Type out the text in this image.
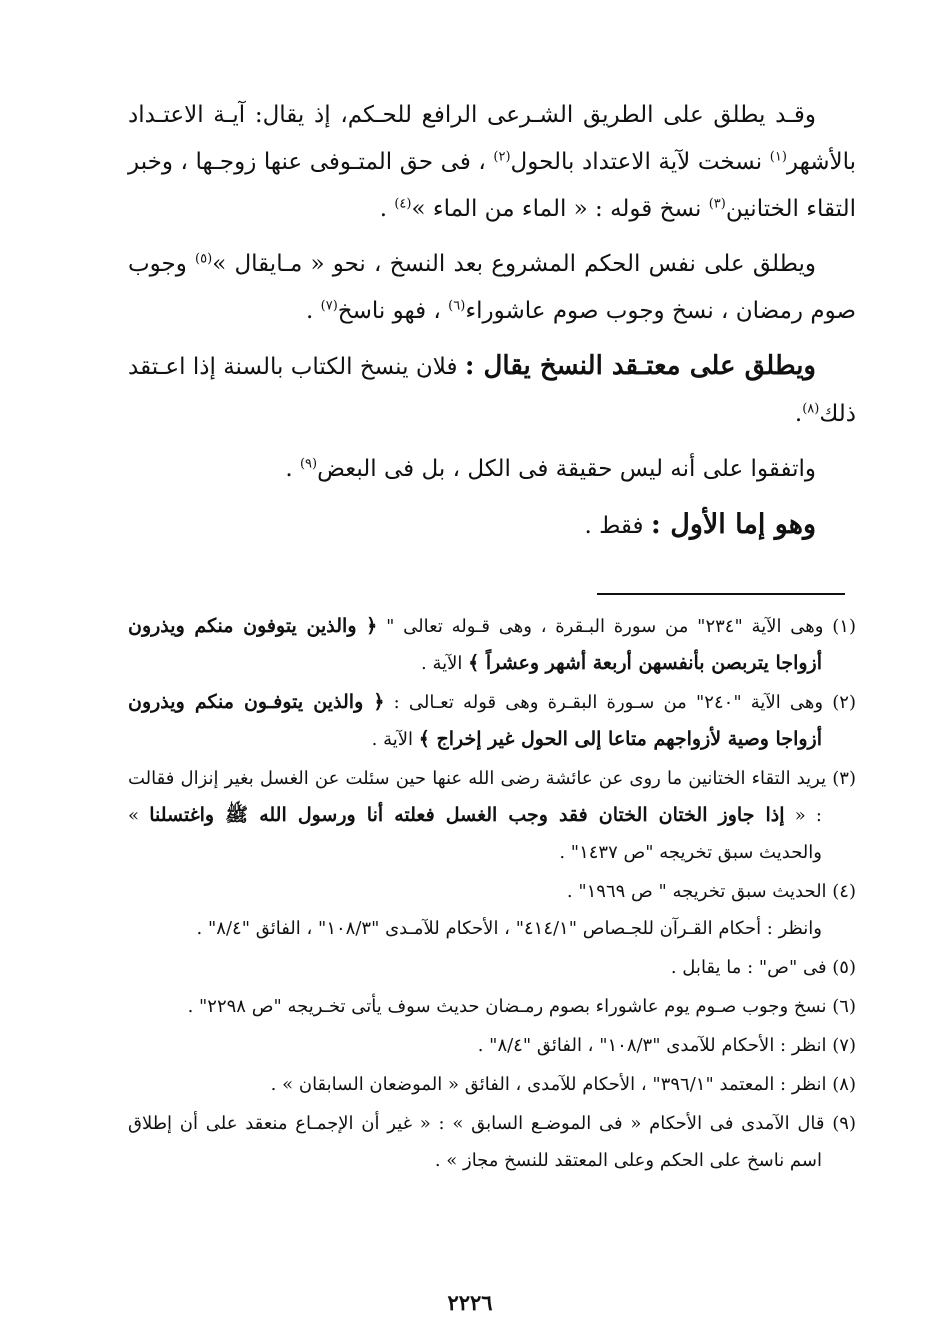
وقـد يطلق على الطريق الشـرعى الرافع للحـكم، إذ يقال: آيـة الاعتـداد بالأشهر$^{(١)}$ نسخت لآية الاعتداد بالحول$^{(٢)}$ ، فى حق المتـوفى عنها زوجـها ، وخبر التقاء الختانين$^{(٣)}$ نسخ قوله : « الماء من الماء »$^{(٤)}$ .

ويطلق على نفس الحكم المشروع بعد النسخ ، نحو « مـايقال »$^{(٥)}$ وجوب صوم رمضان ، نسخ وجوب صوم عاشوراء$^{(٦)}$ ، فهو ناسخ$^{(٧)}$ .

ويطلق على معتـقد النسخ يقال : فلان ينسخ الكتاب بالسنة إذا اعـتقد ذلك$^{(٨)}$.

واتفقوا على أنه ليس حقيقة فى الكل ، بل فى البعض$^{(٩)}$ .

وهو إما الأول : فقط .

(١) وهى الآية "٢٣٤" من سورة البـقرة ، وهى قـوله تعالى " ﴿ والذين يتوفون منكم ويذرون أزواجا يتربصن بأنفسهن أربعة أشهر وعشراً ﴾ الآية .

(٢) وهى الآية "٢٤٠" من سـورة البقـرة وهى قوله تعـالى : ﴿ والذين يتوفـون منكم ويذرون أزواجا وصية لأزواجهم متاعا إلى الحول غير إخراج ﴾ الآية .

(٣) يريد التقاء الختانين ما روى عن عائشة رضى الله عنها حين سئلت عن الغسل بغير إنزال فقالت : « إذا جاوز الختان الختان فقد وجب الغسل فعلته أنا ورسول الله ﷺ واغتسلنا » والحديث سبق تخريجه "ص ١٤٣٧" .

(٤) الحديث سبق تخريجه " ص ١٩٦٩" .
وانظر : أحكام القـرآن للجـصاص "٤١٤/١" ، الأحكام للآمـدى "١٠٨/٣" ، الفائق "٨/٤" .

(٥) فى "ص" : ما يقابل .

(٦) نسخ وجوب صـوم يوم عاشوراء بصوم رمـضان حديث سوف يأتى تخـريجه "ص ٢٢٩٨" .

(٧) انظر : الأحكام للآمدى "١٠٨/٣" ، الفائق "٨/٤" .

(٨) انظر : المعتمد "٣٩٦/١" ، الأحكام للآمدى ، الفائق « الموضعان السابقان » .

(٩) قال الآمدى فى الأحكام « فى الموضـع السابق » : « غير أن الإجمـاع منعقد على أن إطلاق اسم ناسخ على الحكم وعلى المعتقد للنسخ مجاز » .

٢٢٢٦
